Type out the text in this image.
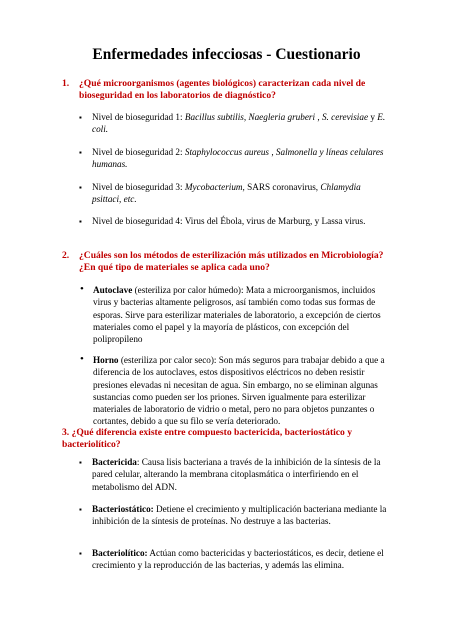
Enfermedades infecciosas - Cuestionario
1. ¿Qué microorganismos (agentes biológicos) caracterizan cada nivel de bioseguridad en los laboratorios de diagnóstico?
▪ Nivel de bioseguridad 1: Bacillus subtilis, Naegleria gruberi , S. cerevisiae y E. coli.
▪ Nivel de bioseguridad 2: Staphylococcus aureus , Salmonella y líneas celulares humanas.
▪ Nivel de bioseguridad 3: Mycobacterium, SARS coronavirus, Chlamydia psittaci, etc.
▪ Nivel de bioseguridad 4: Virus del Ébola, virus de Marburg, y Lassa virus.
2. ¿Cuáles son los métodos de esterilización más utilizados en Microbiología? ¿En qué tipo de materiales se aplica cada uno?
• Autoclave (esteriliza por calor húmedo): Mata a microorganismos, incluidos virus y bacterias altamente peligrosos, así también como todas sus formas de esporas. Sirve para esterilizar materiales de laboratorio, a excepción de ciertos materiales como el papel y la mayoría de plásticos, con excepción del polipropileno
• Horno (esteriliza por calor seco): Son más seguros para trabajar debido a que a diferencia de los autoclaves, estos dispositivos eléctricos no deben resistir presiones elevadas ni necesitan de agua. Sin embargo, no se eliminan algunas sustancias como pueden ser los priones. Sirven igualmente para esterilizar materiales de laboratorio de vidrio o metal, pero no para objetos punzantes o cortantes, debido a que su filo se vería deteriorado.
3. ¿Qué diferencia existe entre compuesto bactericida, bacteriostático y bacteriolítico?
▪ Bactericida: Causa lisis bacteriana a través de la inhibición de la síntesis de la pared celular, alterando la membrana citoplasmática o interfiriendo en el metabolismo del ADN.
▪ Bacteriostático: Detiene el crecimiento y multiplicación bacteriana mediante la inhibición de la síntesis de proteínas. No destruye a las bacterias.
▪ Bacteriolítico: Actúan como bactericidas y bacteriostáticos, es decir, detiene el crecimiento y la reproducción de las bacterias, y además las elimina.
